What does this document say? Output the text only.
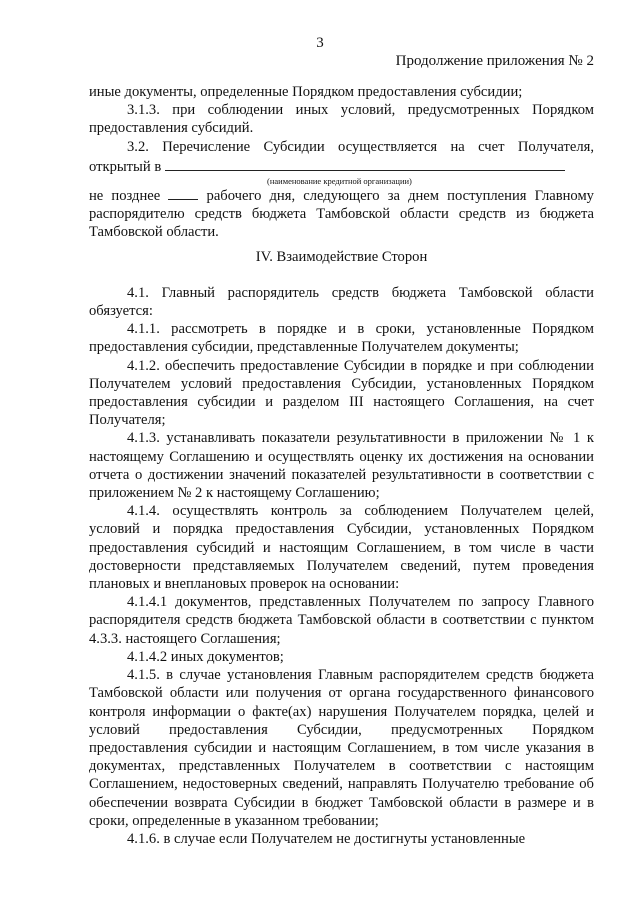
3
Продолжение приложения № 2

иные документы, определенные Порядком предоставления субсидии;

3.1.3. при соблюдении иных условий, предусмотренных Порядком предоставления субсидий.

3.2. Перечисление Субсидии осуществляется на счет Получателя, открытый в

(наименование кредитной организации)

не позднее	рабочего дня, следующего за днем поступления Главному распорядителю средств бюджета Тамбовской области средств из бюджета Тамбовской области.

IV. Взаимодействие Сторон

4.1. Главный распорядитель средств бюджета Тамбовской области обязуется:

4.1.1. рассмотреть в порядке и в сроки, установленные Порядком предоставления субсидии, представленные Получателем документы;

4.1.2. обеспечить предоставление Субсидии в порядке и при соблюдении Получателем условий предоставления Субсидии, установленных Порядком предоставления субсидии и разделом III настоящего Соглашения, на счет Получателя;

4.1.3. устанавливать показатели результативности в приложении № 1 к настоящему Соглашению и осуществлять оценку их достижения на основании отчета о достижении значений показателей результативности в соответствии с приложением № 2 к настоящему Соглашению;

4.1.4. осуществлять контроль за соблюдением Получателем целей, условий и порядка предоставления Субсидии, установленных Порядком предоставления субсидий и настоящим Соглашением, в том числе в части достоверности представляемых Получателем сведений, путем проведения плановых и внеплановых проверок на основании:

4.1.4.1 документов, представленных Получателем по запросу Главного распорядителя средств бюджета Тамбовской области в соответствии с пунктом 4.3.3. настоящего Соглашения;

4.1.4.2 иных документов;

4.1.5. в случае установления Главным распорядителем средств бюджета Тамбовской области или получения от органа государственного финансового контроля информации о факте(ах) нарушения Получателем порядка, целей и условий предоставления Субсидии, предусмотренных Порядком предоставления субсидии и настоящим Соглашением, в том числе указания в документах, представленных Получателем в соответствии с настоящим Соглашением, недостоверных сведений, направлять Получателю требование об обеспечении возврата Субсидии в бюджет Тамбовской области в размере и в сроки, определенные в указанном требовании;

4.1.6. в случае если Получателем не достигнуты установленные
